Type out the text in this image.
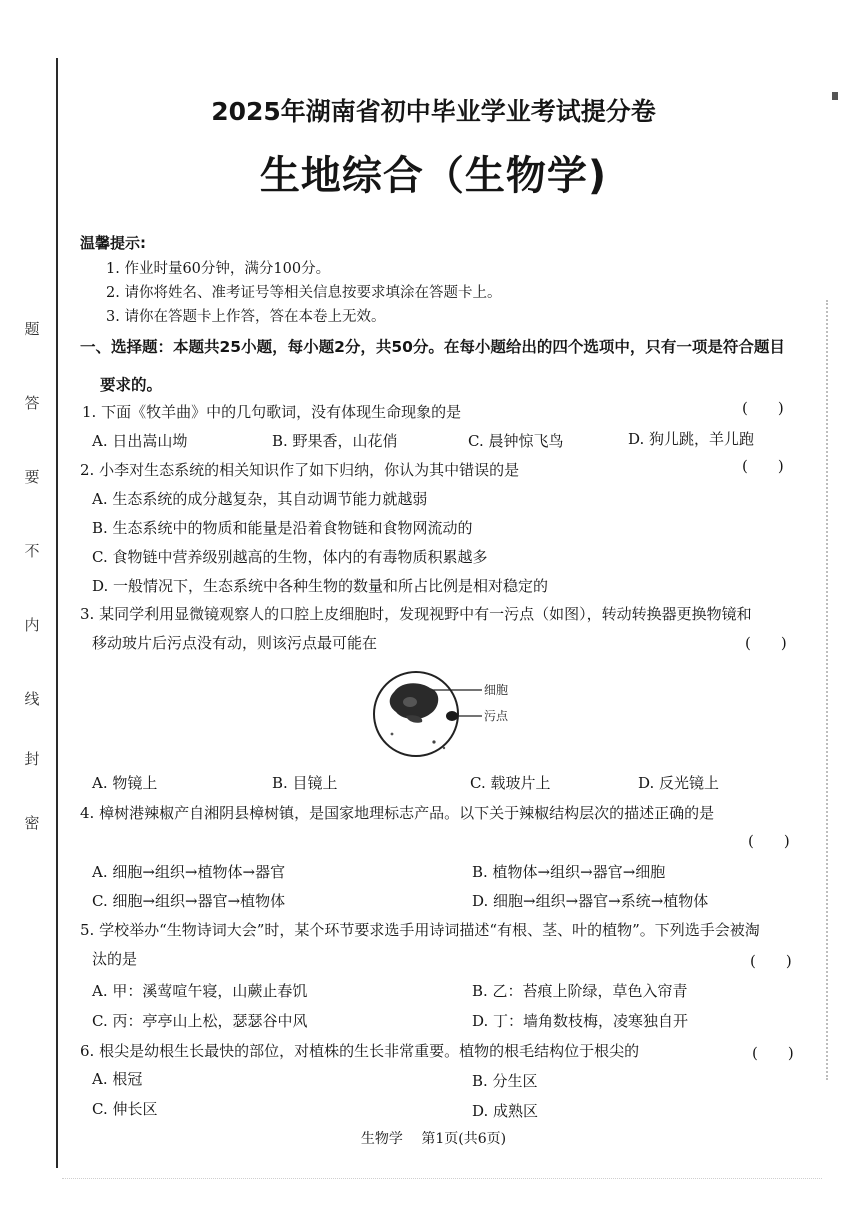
题
答
要
不
内
线
封
密
2025年湖南省初中毕业学业考试提分卷
生地综合（生物学)
温馨提示:
1. 作业时量60分钟，满分100分。
2. 请你将姓名、准考证号等相关信息按要求填涂在答题卡上。
3. 请你在答题卡上作答，答在本卷上无效。
一、选择题：本题共25小题，每小题2分，共50分。在每小题给出的四个选项中，只有一项是符合题目
要求的。
1. 下面《牧羊曲》中的几句歌词，没有体现生命现象的是	(　　)
A. 日出嵩山坳	B. 野果香，山花俏	C. 晨钟惊飞鸟	D. 狗儿跳，羊儿跑
2. 小李对生态系统的相关知识作了如下归纳，你认为其中错误的是	(　　)
A. 生态系统的成分越复杂，其自动调节能力就越弱
B. 生态系统中的物质和能量是沿着食物链和食物网流动的
C. 食物链中营养级别越高的生物，体内的有毒物质积累越多
D. 一般情况下，生态系统中各种生物的数量和所占比例是相对稳定的
3. 某同学利用显微镜观察人的口腔上皮细胞时，发现视野中有一污点（如图），转动转换器更换物镜和
移动玻片后污点没有动，则该污点最可能在	(　　)
细胞
污点
A. 物镜上	B. 目镜上	C. 载玻片上	D. 反光镜上
4. 樟树港辣椒产自湘阴县樟树镇，是国家地理标志产品。以下关于辣椒结构层次的描述正确的是
(　　)
A. 细胞→组织→植物体→器官	B. 植物体→组织→器官→细胞
C. 细胞→组织→器官→植物体	D. 细胞→组织→器官→系统→植物体
5. 学校举办“生物诗词大会”时，某个环节要求选手用诗词描述“有根、茎、叶的植物”。下列选手会被淘
汰的是	(　　)
A. 甲：溪莺喧午寝，山蕨止春饥	B. 乙：苔痕上阶绿，草色入帘青
C. 丙：亭亭山上松，瑟瑟谷中风	D. 丁：墙角数枝梅，凌寒独自开
6. 根尖是幼根生长最快的部位，对植株的生长非常重要。植物的根毛结构位于根尖的	(　　)
A. 根冠	B. 分生区
C. 伸长区	D. 成熟区
生物学　 第1页(共6页)
